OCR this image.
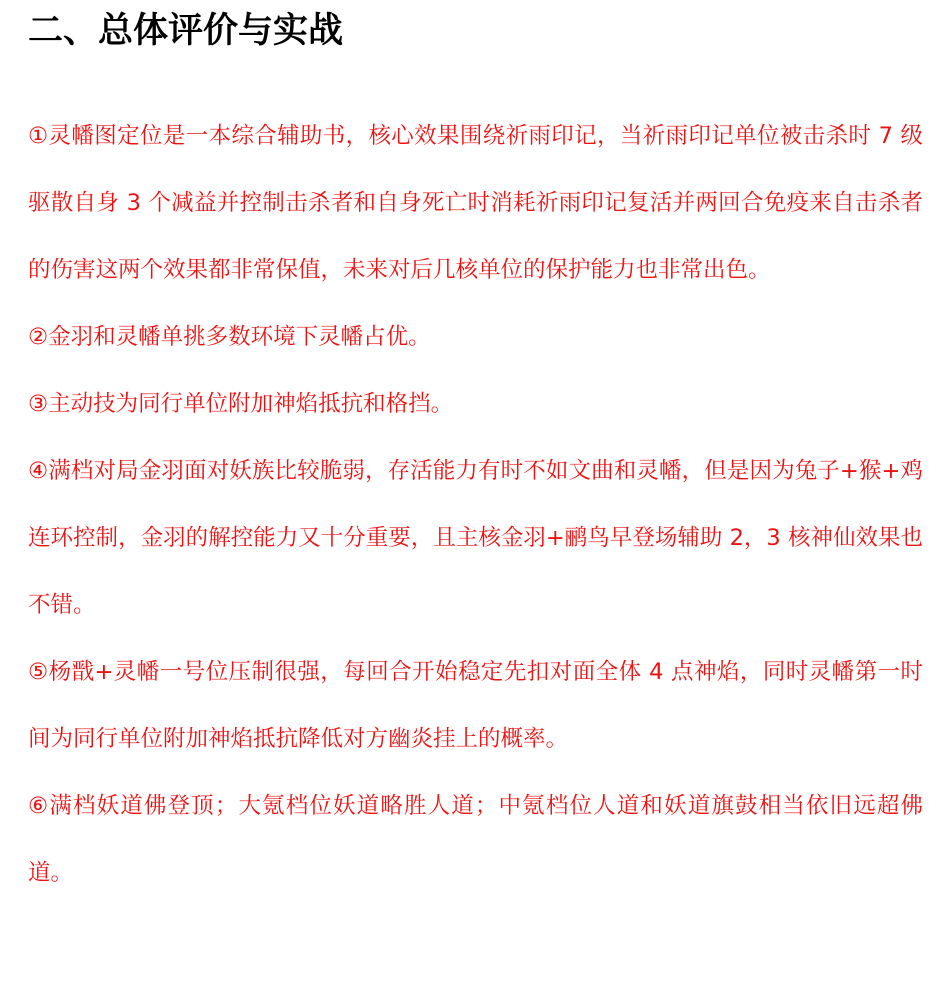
二、总体评价与实战

①灵幡图定位是一本综合辅助书，核心效果围绕祈雨印记，当祈雨印记单位被击杀时 7 级驱散自身 3 个减益并控制击杀者和自身死亡时消耗祈雨印记复活并两回合免疫来自击杀者的伤害这两个效果都非常保值，未来对后几核单位的保护能力也非常出色。

②金羽和灵幡单挑多数环境下灵幡占优。

③主动技为同行单位附加神焰抵抗和格挡。

④满档对局金羽面对妖族比较脆弱，存活能力有时不如文曲和灵幡，但是因为兔子+猴+鸡连环控制，金羽的解控能力又十分重要，且主核金羽+鹂鸟早登场辅助 2，3 核神仙效果也不错。

⑤杨戬+灵幡一号位压制很强，每回合开始稳定先扣对面全体 4 点神焰，同时灵幡第一时间为同行单位附加神焰抵抗降低对方幽炎挂上的概率。

⑥满档妖道佛登顶；大氪档位妖道略胜人道；中氪档位人道和妖道旗鼓相当依旧远超佛道。
